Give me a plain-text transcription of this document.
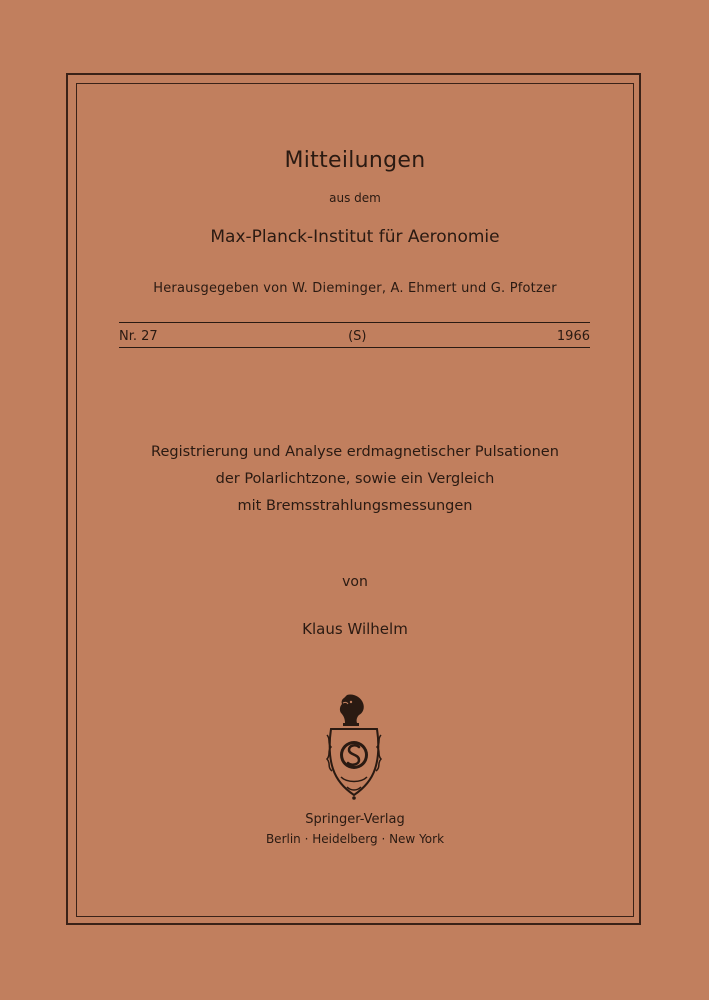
Mitteilungen
aus dem
Max-Planck-Institut für Aeronomie
Herausgegeben von W. Dieminger, A. Ehmert und G. Pfotzer
Nr. 27	(S)	1966
Registrierung und Analyse erdmagnetischer Pulsationen
der Polarlichtzone, sowie ein Vergleich
mit Bremsstrahlungsmessungen
von
Klaus Wilhelm
Springer-Verlag
Berlin · Heidelberg · New York
